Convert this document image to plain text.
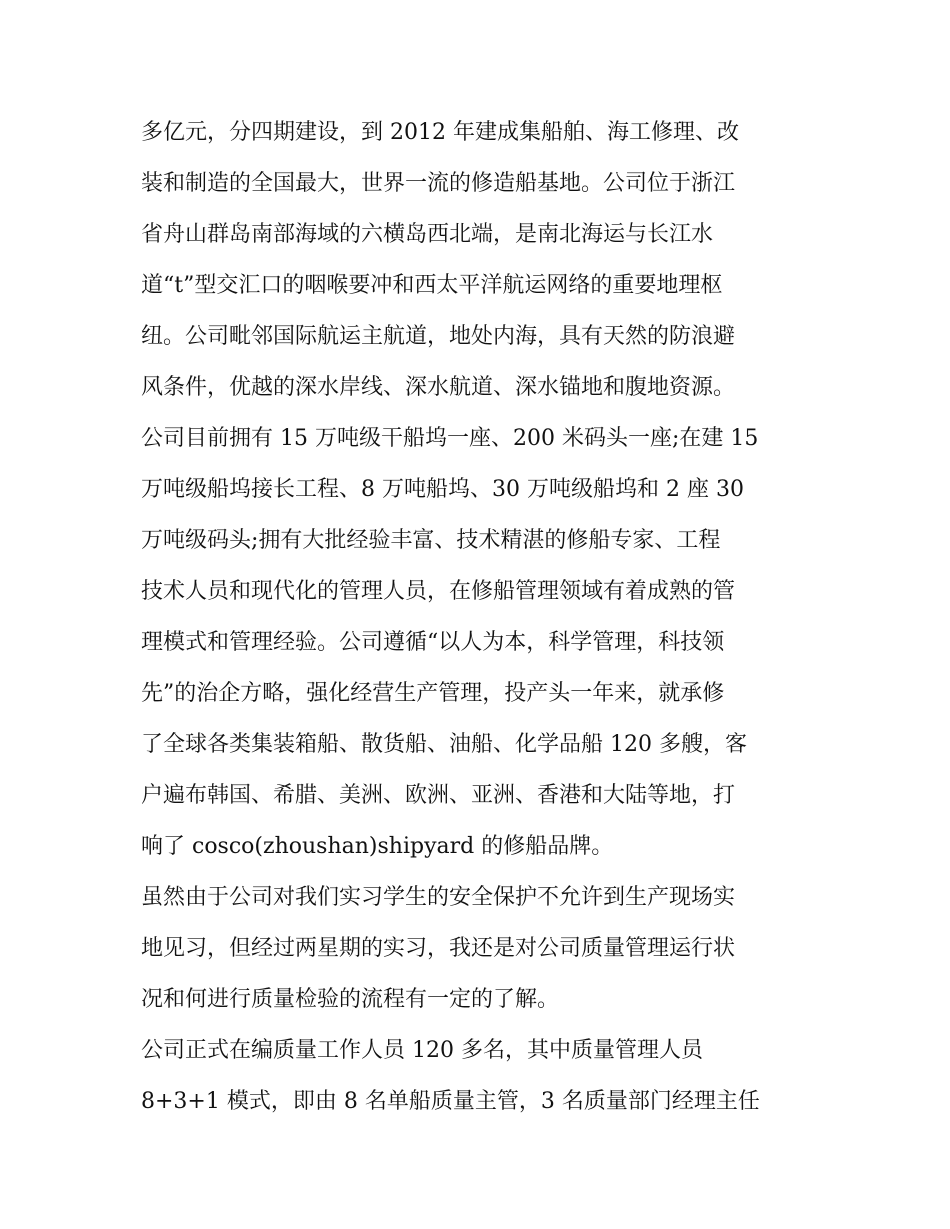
多亿元，分四期建设，到 2012 年建成集船舶、海工修理、改
装和制造的全国最大，世界一流的修造船基地。公司位于浙江
省舟山群岛南部海域的六横岛西北端，是南北海运与长江水
道“t”型交汇口的咽喉要冲和西太平洋航运网络的重要地理枢
纽。公司毗邻国际航运主航道，地处内海，具有天然的防浪避
风条件，优越的深水岸线、深水航道、深水锚地和腹地资源。
公司目前拥有 15 万吨级干船坞一座、200 米码头一座;在建 15
万吨级船坞接长工程、8 万吨船坞、30 万吨级船坞和 2 座 30
万吨级码头;拥有大批经验丰富、技术精湛的修船专家、工程
技术人员和现代化的管理人员，在修船管理领域有着成熟的管
理模式和管理经验。公司遵循“以人为本，科学管理，科技领
先”的治企方略，强化经营生产管理，投产头一年来，就承修
了全球各类集装箱船、散货船、油船、化学品船 120 多艘，客
户遍布韩国、希腊、美洲、欧洲、亚洲、香港和大陆等地，打
响了 cosco(zhoushan)shipyard 的修船品牌。
虽然由于公司对我们实习学生的安全保护不允许到生产现场实
地见习，但经过两星期的实习，我还是对公司质量管理运行状
况和何进行质量检验的流程有一定的了解。
公司正式在编质量工作人员 120 多名，其中质量管理人员
8+3+1 模式，即由 8 名单船质量主管，3 名质量部门经理主任
